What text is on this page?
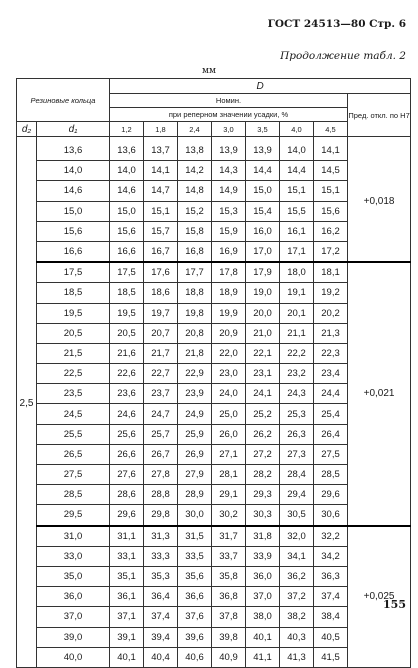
ГОСТ 24513—80 Стр. 6
Продолжение табл. 2
мм
Резиновые кольца		D							
		Номин.							Пред. откл. по Н7
		при реперном значении усадки, %							
d₂	d₁	1,2	1,8	2,4	3,0	3,5	4,0	4,5	
2,5	13,6	13,6	13,7	13,8	13,9	13,9	14,0	14,1	+0,018
	14,0	14,0	14,1	14,2	14,3	14,4	14,4	14,5	
	14,6	14,6	14,7	14,8	14,9	15,0	15,1	15,1	
	15,0	15,0	15,1	15,2	15,3	15,4	15,5	15,6	
	15,6	15,6	15,7	15,8	15,9	16,0	16,1	16,2	
	16,6	16,6	16,7	16,8	16,9	17,0	17,1	17,2	
	17,5	17,5	17,6	17,7	17,8	17,9	18,0	18,1	+0,021
	18,5	18,5	18,6	18,8	18,9	19,0	19,1	19,2	
	19,5	19,5	19,7	19,8	19,9	20,0	20,1	20,2	
	20,5	20,5	20,7	20,8	20,9	21,0	21,1	21,3	
	21,5	21,6	21,7	21,8	22,0	22,1	22,2	22,3	
	22,5	22,6	22,7	22,9	23,0	23,1	23,2	23,4	
	23,5	23,6	23,7	23,9	24,0	24,1	24,3	24,4	
	24,5	24,6	24,7	24,9	25,0	25,2	25,3	25,4	
	25,5	25,6	25,7	25,9	26,0	26,2	26,3	26,4	
	26,5	26,6	26,7	26,9	27,1	27,2	27,3	27,5	
	27,5	27,6	27,8	27,9	28,1	28,2	28,4	28,5	
	28,5	28,6	28,8	28,9	29,1	29,3	29,4	29,6	
	29,5	29,6	29,8	30,0	30,2	30,3	30,5	30,6	
	31,0	31,1	31,3	31,5	31,7	31,8	32,0	32,2	+0,025
	33,0	33,1	33,3	33,5	33,7	33,9	34,1	34,2	
	35,0	35,1	35,3	35,6	35,8	36,0	36,2	36,3	
	36,0	36,1	36,4	36,6	36,8	37,0	37,2	37,4	
	37,0	37,1	37,4	37,6	37,8	38,0	38,2	38,4	
	39,0	39,1	39,4	39,6	39,8	40,1	40,3	40,5	
	40,0	40,1	40,4	40,6	40,9	41,1	41,3	41,5	
155
